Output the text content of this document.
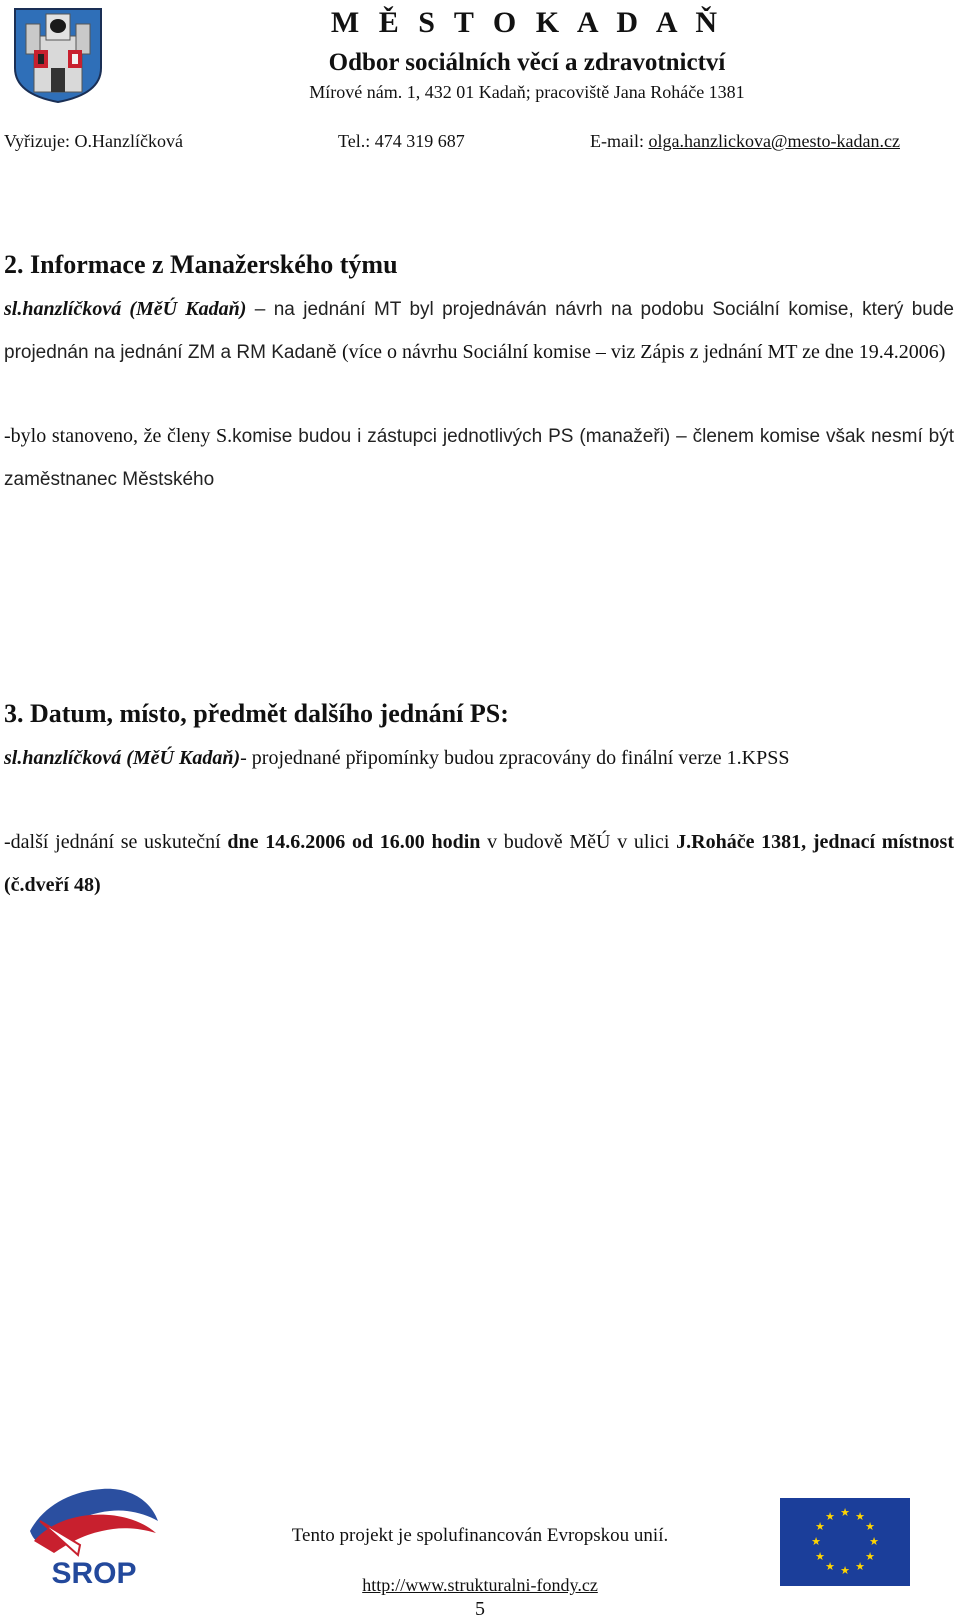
M Ě S T O K A D A Ň
Odbor sociálních věcí a zdravotnictví
Mírové nám. 1, 432 01 Kadaň; pracoviště Jana Roháče 1381
Vyřizuje: O.Hanzlíčková	Tel.: 474 319 687	E-mail: olga.hanzlickova@mesto-kadan.cz
2. Informace z Manažerského týmu
sl.hanzlíčková (MěÚ Kadaň) – na jednání MT byl projednáván návrh na podobu Sociální komise, který bude projednán na jednání ZM a RM Kadaně (více o návrhu Sociální komise – viz Zápis z jednání MT ze dne 19.4.2006)
-bylo stanoveno, že členy S.komise budou i zástupci jednotlivých PS (manažeři) – členem komise však nesmí být zaměstnanec Městského
3. Datum, místo, předmět dalšího jednání PS:
sl.hanzlíčková (MěÚ Kadaň)- projednané připomínky budou zpracovány do finální verze 1.KPSS
-další jednání se uskuteční dne 14.6.2006 od 16.00 hodin v budově MěÚ v ulici J.Roháče 1381, jednací místnost (č.dveří 48)
SROP
Tento projekt je spolufinancován Evropskou unií.
http://www.strukturalni-fondy.cz
5
★ ★
★
★
★
★
★
★
★
★
★
★
